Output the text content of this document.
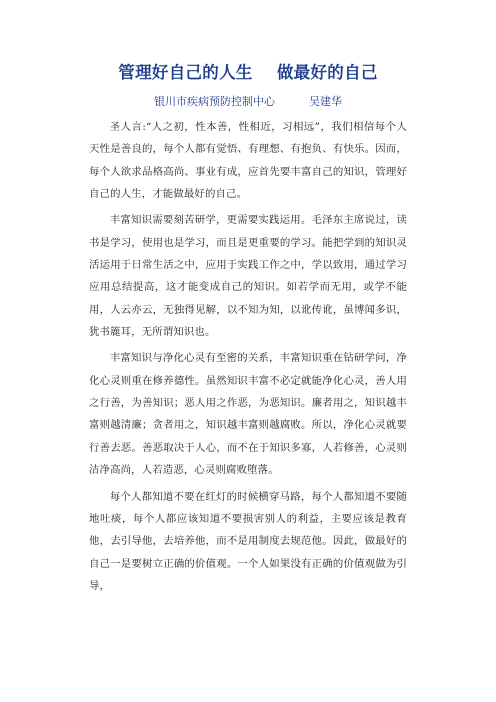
管理好自己的人生    做最好的自己
银川市疾病预防控制中心	吴建华

圣人言:“人之初，性本善，性相近，习相远”，我们相信每个人天性是善良的，每个人都有觉悟、有理想、有抱负、有快乐。因而，每个人欲求品格高尚、事业有成，应首先要丰富自己的知识，管理好自己的人生，才能做最好的自己。

丰富知识需要刻苦研学，更需要实践运用。毛泽东主席说过，读书是学习，使用也是学习，而且是更重要的学习。能把学到的知识灵活运用于日常生活之中，应用于实践工作之中，学以致用，通过学习应用总结提高，这才能变成自己的知识。如若学而无用，或学不能用，人云亦云，无独得见解，以不知为知，以讹传讹，虽博闻多识，犹书簏耳，无所谓知识也。

丰富知识与净化心灵有至密的关系，丰富知识重在钻研学问，净化心灵则重在修养德性。虽然知识丰富不必定就能净化心灵，善人用之行善，为善知识；恶人用之作恶，为恶知识。廉者用之，知识越丰富则越清廉；贪者用之，知识越丰富则越腐败。所以，净化心灵就要行善去恶。善恶取决于人心，而不在于知识多寡，人若修善，心灵则洁净高尚，人若造恶，心灵则腐败堕落。

每个人都知道不要在红灯的时候横穿马路，每个人都知道不要随地吐痰，每个人都应该知道不要损害别人的利益，主要应该是教育他，去引导他，去培养他，而不是用制度去规范他。因此，做最好的自己一是要树立正确的价值观。一个人如果没有正确的价值观做为引导，
